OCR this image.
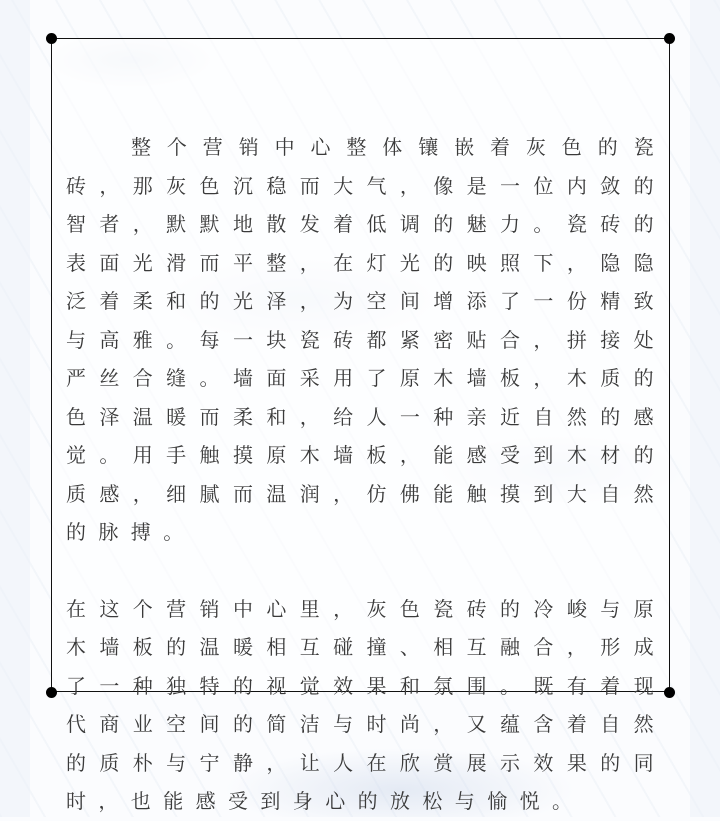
整个营销中心整体镶嵌着灰色的瓷砖，那灰色沉稳而大气，像是一位内敛的智者，默默地散发着低调的魅力。瓷砖的表面光滑而平整，在灯光的映照下，隐隐泛着柔和的光泽，为空间增添了一份精致与高雅。每一块瓷砖都紧密贴合，拼接处严丝合缝。墙面采用了原木墙板，木质的色泽温暖而柔和，给人一种亲近自然的感觉。用手触摸原木墙板，能感受到木材的质感，细腻而温润，仿佛能触摸到大自然的脉搏。

在这个营销中心里，灰色瓷砖的冷峻与原木墙板的温暖相互碰撞、相互融合，形成了一种独特的视觉效果和氛围。既有着现代商业空间的简洁与时尚，又蕴含着自然的质朴与宁静，让人在欣赏展示效果的同时，也能感受到身心的放松与愉悦。
